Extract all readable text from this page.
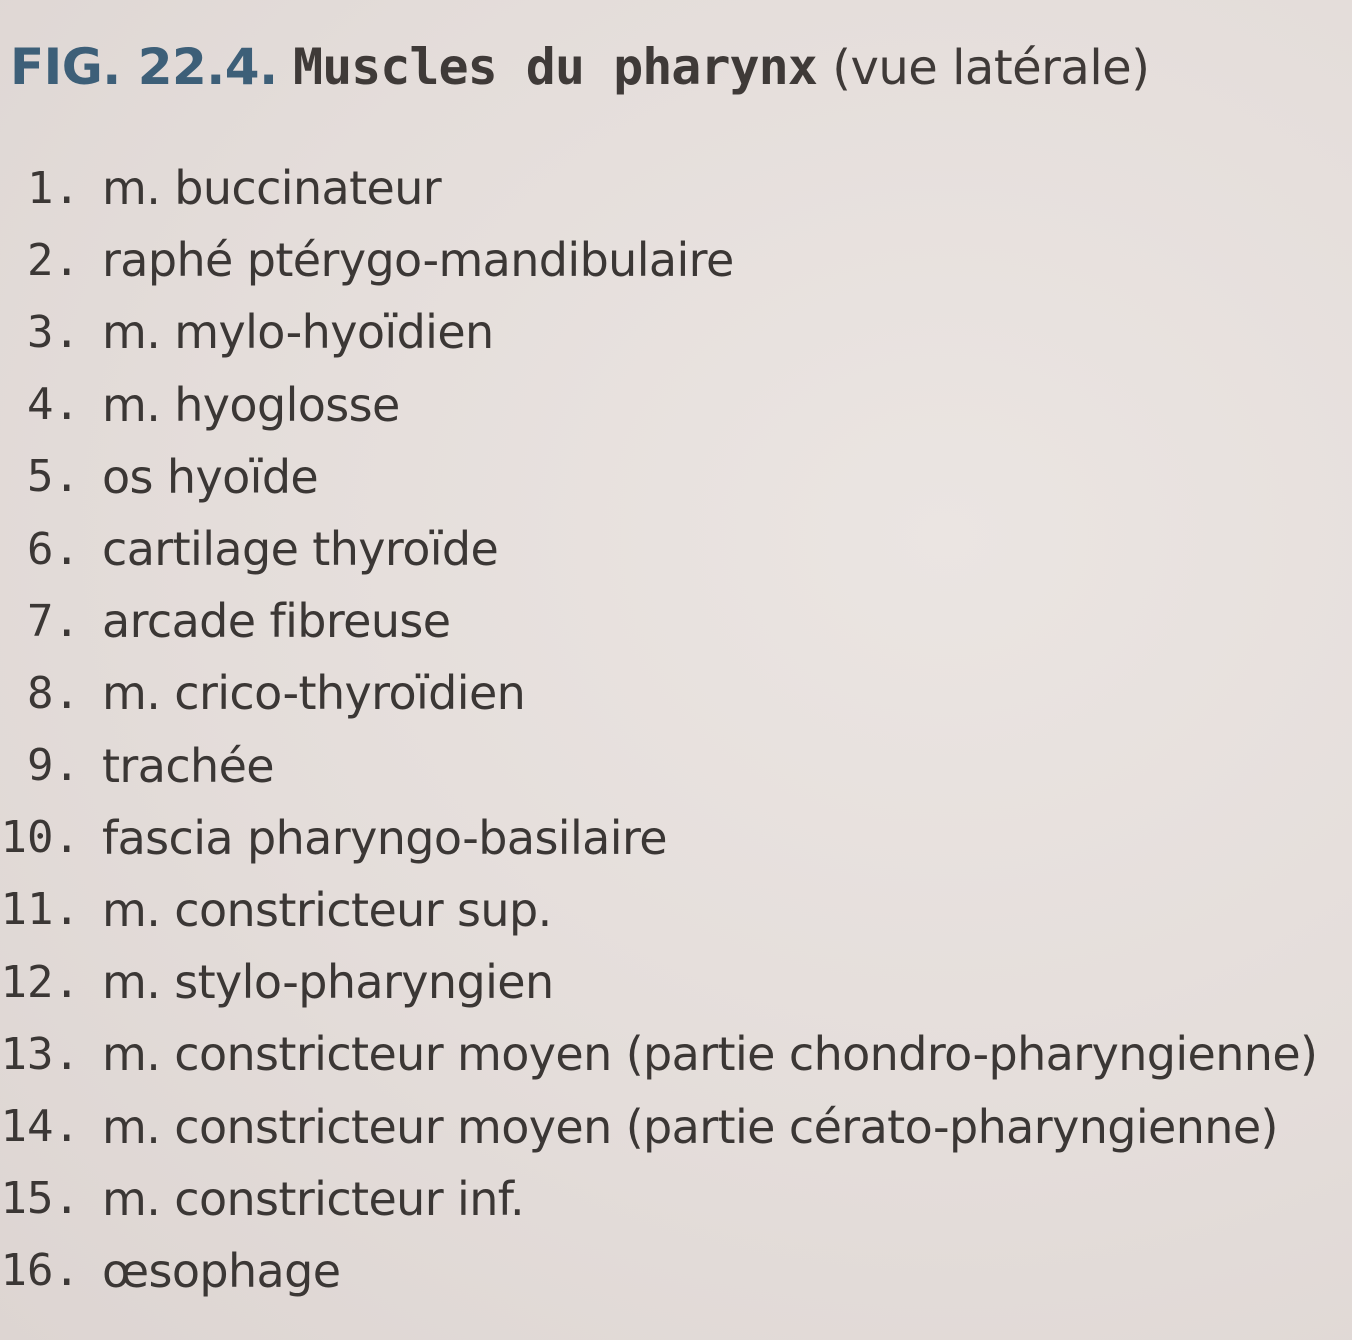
FIG. 22.4. Muscles du pharynx (vue latérale)
1. m. buccinateur
2. raphé ptérygo-mandibulaire
3. m. mylo-hyoïdien
4. m. hyoglosse
5. os hyoïde
6. cartilage thyroïde
7. arcade fibreuse
8. m. crico-thyroïdien
9. trachée
10. fascia pharyngo-basilaire
11. m. constricteur sup.
12. m. stylo-pharyngien
13. m. constricteur moyen (partie chondro-pharyngienne)
14. m. constricteur moyen (partie cérato-pharyngienne)
15. m. constricteur inf.
16. œsophage
